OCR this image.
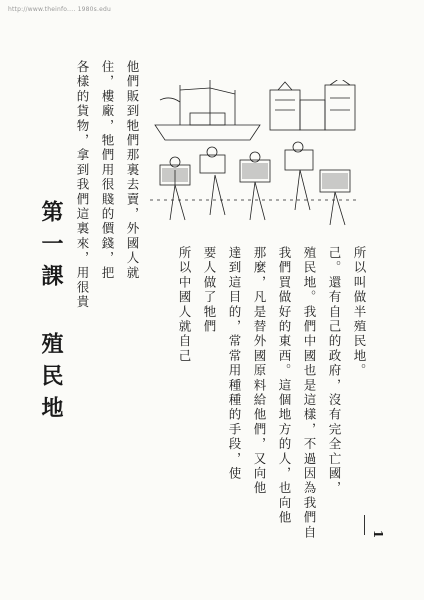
http://www.theinfo.... 1980s.edu
第一課 殖民地	所以叫做半殖民地。
己。還有自己的政府，沒有完全亡國，
殖民地。我們中國也是這樣，不過因為我們自
我們買做好的東西。這個地方的人，也向他
那麼，凡是替外國原料給他們，又向他
達到這目的，常常用種種的手段，使
要人做了牠們
他們販到牠們那裏去賣，外國人就
住，樓廠，牠們用很賤的價錢，把
各樣的貨物，拿到我們這裏來，用很貴	所以中國人就自己
1
